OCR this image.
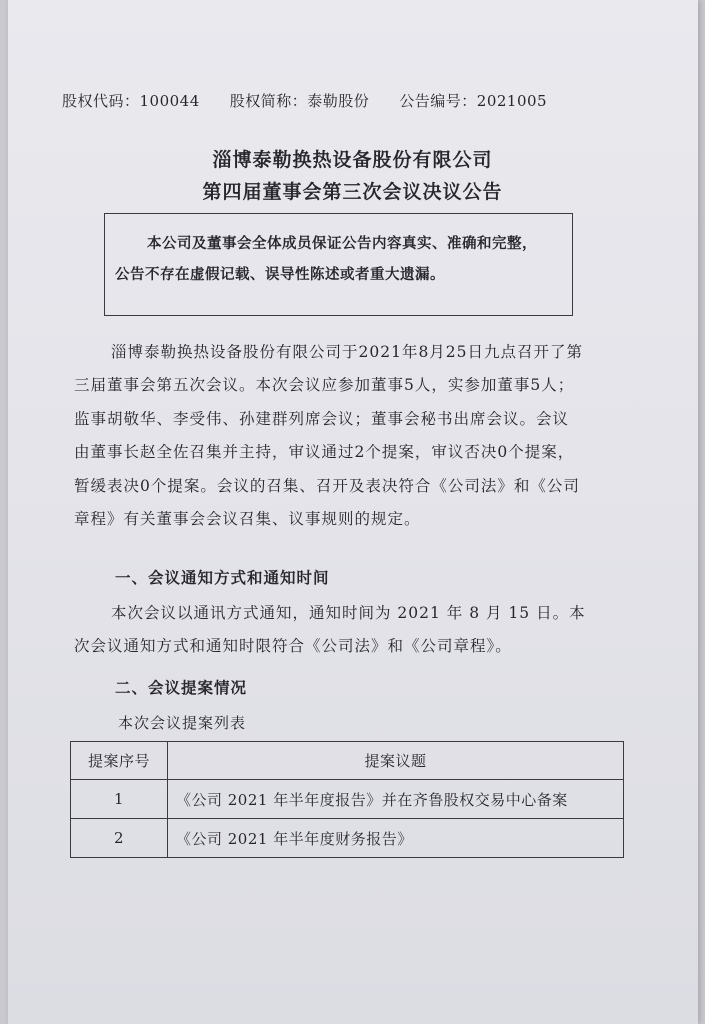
股权代码：100044 股权简称：泰勒股份 公告编号：2021005
淄博泰勒换热设备股份有限公司
第四届董事会第三次会议决议公告
本公司及董事会全体成员保证公告内容真实、准确和完整，
公告不存在虚假记载、误导性陈述或者重大遗漏。
淄博泰勒换热设备股份有限公司于2021年8月25日九点召开了第
三届董事会第五次会议。本次会议应参加董事5人，实参加董事5人；
监事胡敬华、李受伟、孙建群列席会议；董事会秘书出席会议。会议
由董事长赵全佐召集并主持，审议通过2个提案，审议否决0个提案，
暂缓表决0个提案。会议的召集、召开及表决符合《公司法》和《公司
章程》有关董事会会议召集、议事规则的规定。
一、会议通知方式和通知时间
本次会议以通讯方式通知，通知时间为 2021 年 8 月 15 日。本
次会议通知方式和通知时限符合《公司法》和《公司章程》。
二、会议提案情况
本次会议提案列表
提案序号	提案议题
1	《公司 2021 年半年度报告》并在齐鲁股权交易中心备案
2	《公司 2021 年半年度财务报告》
